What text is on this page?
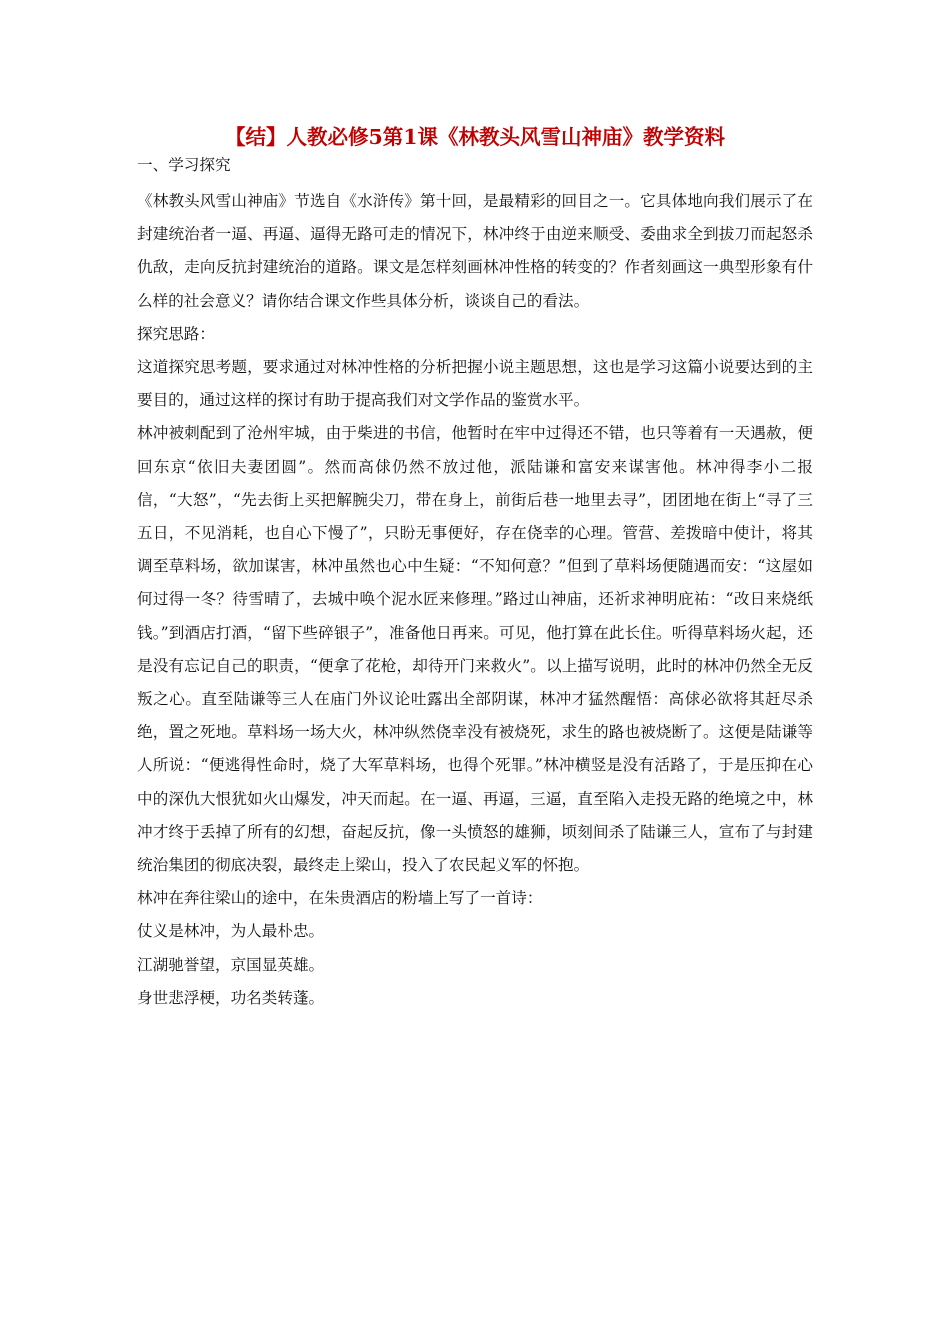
【结】人教必修5第1课《林教头风雪山神庙》教学资料
一、学习探究

《林教头风雪山神庙》节选自《水浒传》第十回，是最精彩的回目之一。它具体地向我们展示了在封建统治者一逼、再逼、逼得无路可走的情况下，林冲终于由逆来顺受、委曲求全到拔刀而起怒杀仇敌，走向反抗封建统治的道路。课文是怎样刻画林冲性格的转变的？作者刻画这一典型形象有什么样的社会意义？请你结合课文作些具体分析，谈谈自己的看法。

探究思路：

这道探究思考题，要求通过对林冲性格的分析把握小说主题思想，这也是学习这篇小说要达到的主要目的，通过这样的探讨有助于提高我们对文学作品的鉴赏水平。

林冲被刺配到了沧州牢城，由于柴进的书信，他暂时在牢中过得还不错，也只等着有一天遇赦，便回东京“依旧夫妻团圆”。然而高俅仍然不放过他，派陆谦和富安来谋害他。林冲得李小二报信，“大怒”，“先去街上买把解腕尖刀，带在身上，前街后巷一地里去寻”，团团地在街上“寻了三五日，不见消耗，也自心下慢了”，只盼无事便好，存在侥幸的心理。管营、差拨暗中使计，将其调至草料场，欲加谋害，林冲虽然也心中生疑：“不知何意？”但到了草料场便随遇而安：“这屋如何过得一冬？待雪晴了，去城中唤个泥水匠来修理。”路过山神庙，还祈求神明庇祐：“改日来烧纸钱。”到酒店打酒，“留下些碎银子”，准备他日再来。可见，他打算在此长住。听得草料场火起，还是没有忘记自己的职责，“便拿了花枪，却待开门来救火”。以上描写说明，此时的林冲仍然全无反叛之心。直至陆谦等三人在庙门外议论吐露出全部阴谋，林冲才猛然醒悟：高俅必欲将其赶尽杀绝，置之死地。草料场一场大火，林冲纵然侥幸没有被烧死，求生的路也被烧断了。这便是陆谦等人所说：“便逃得性命时，烧了大军草料场，也得个死罪。”林冲横竖是没有活路了，于是压抑在心中的深仇大恨犹如火山爆发，冲天而起。在一逼、再逼，三逼，直至陷入走投无路的绝境之中，林冲才终于丢掉了所有的幻想，奋起反抗，像一头愤怒的雄狮，顷刻间杀了陆谦三人，宣布了与封建统治集团的彻底决裂，最终走上梁山，投入了农民起义军的怀抱。

林冲在奔往梁山的途中，在朱贵酒店的粉墙上写了一首诗：

仗义是林冲，为人最朴忠。

江湖驰誉望，京国显英雄。

身世悲浮梗，功名类转蓬。
